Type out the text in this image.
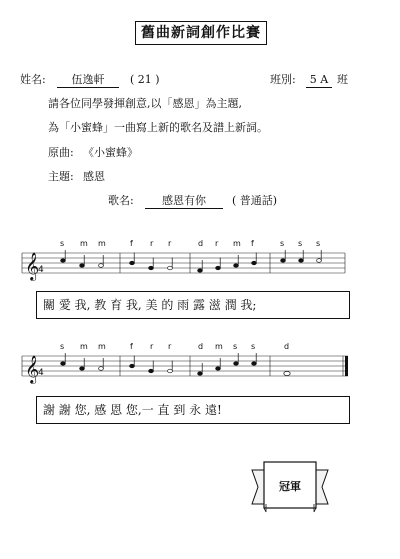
舊曲新詞創作比賽
姓名:	伍逸軒	( 21 )	班別:	5 A 班
請各位同學發揮創意,以「感恩」為主題,
為「小蜜蜂」一曲寫上新的歌名及譜上新詞。
原曲: 《小蜜蜂》
主題: 感恩
歌名:	感恩有你	( 普通話)
s m m	f r r	d r m f	s s s
𝄞
4
關 愛 我, 教 育 我, 美 的 雨 露 滋 潤 我;
s m m	f r r	d m s s	d
𝄞
4
謝 謝 您, 感 恩 您,一 直 到 永 遠!
冠軍
